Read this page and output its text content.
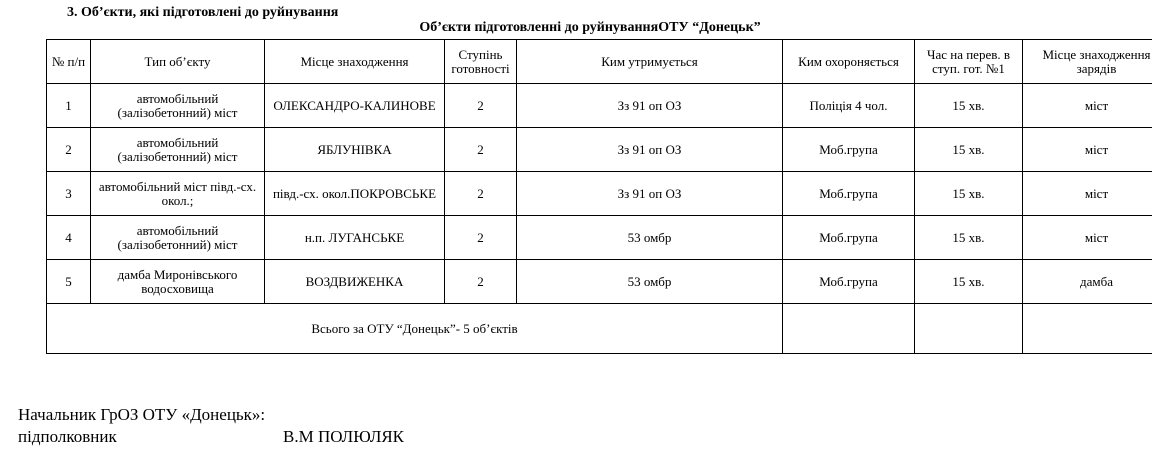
3. Об’єкти, які підготовлені до руйнування
Об’єкти підготовленні до руйнуванняОТУ “Донецьк”
№ п/п	Тип об’єкту	Місце знаходження	Ступінь готовності	Ким утримується	Ким охороняється	Час на перев. в ступ. гот. №1	Місце знаходження зарядів
1	автомобільний (залізобетонний) міст	ОЛЕКСАНДРО-КАЛИНОВЕ	2	Зз 91 оп ОЗ	Поліція 4 чол.	15 хв.	міст
2	автомобільний (залізобетонний) міст	ЯБЛУНІВКА	2	Зз 91 оп ОЗ	Моб.група	15 хв.	міст
3	автомобільний міст півд.-сх. окол.;	півд.-сх. окол.ПОКРОВСЬКЕ	2	Зз 91 оп ОЗ	Моб.група	15 хв.	міст
4	автомобільний (залізобетонний) міст	н.п. ЛУГАНСЬКЕ	2	53 омбр	Моб.група	15 хв.	міст
5	дамба Миронівського водосховища	ВОЗДВИЖЕНКА	2	53 омбр	Моб.група	15 хв.	дамба
Всього за ОТУ “Донецьк”- 5 об’єктів							
Начальник ГрОЗ ОТУ «Донецьк»:
підполковник	В.М ПОЛЮЛЯК
